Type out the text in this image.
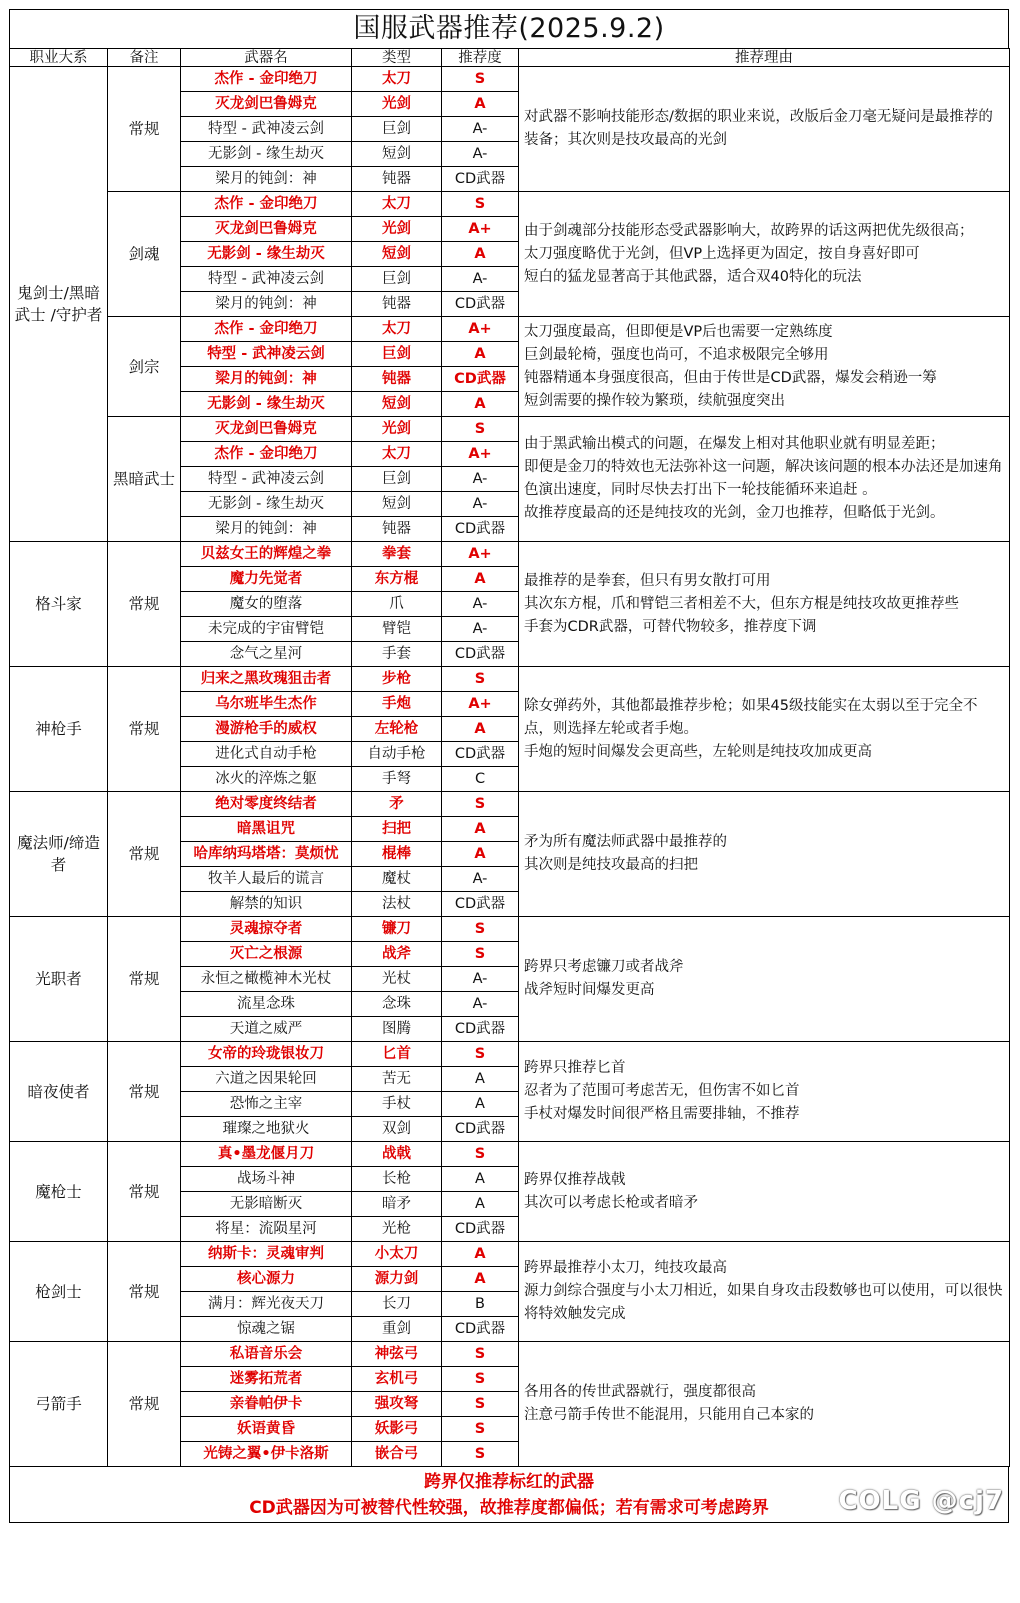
国服武器推荐(2025.9.2)
职业大系	备注	武器名	类型	推荐度	推荐理由
鬼剑士/黑暗武士 /守护者	常规	杰作 - 金印绝刀	太刀	S	对武器不影响技能形态/数据的职业来说，改版后金刀毫无疑问是最推荐的装备；其次则是技攻最高的光剑

		灭龙剑巴鲁姆克	光剑	A	
		特型 - 武神凌云剑	巨剑	A-	
		无影剑 - 缘生劫灭	短剑	A-	
		梁月的钝剑：神	钝器	CD武器	
	剑魂	杰作 - 金印绝刀	太刀	S	由于剑魂部分技能形态受武器影响大，故跨界的话这两把优先级很高；
太刀强度略优于光剑，但VP上选择更为固定，按自身喜好即可
短白的猛龙显著高于其他武器，适合双40特化的玩法

		灭龙剑巴鲁姆克	光剑	A+	
		无影剑 - 缘生劫灭	短剑	A	
		特型 - 武神凌云剑	巨剑	A-	
		梁月的钝剑：神	钝器	CD武器	
	剑宗	杰作 - 金印绝刀	太刀	A+	太刀强度最高，但即便是VP后也需要一定熟练度
巨剑最轮椅，强度也尚可，不追求极限完全够用
钝器精通本身强度很高，但由于传世是CD武器，爆发会稍逊一筹
短剑需要的操作较为繁琐，续航强度突出

		特型 - 武神凌云剑	巨剑	A	
		梁月的钝剑：神	钝器	CD武器	
		无影剑 - 缘生劫灭	短剑	A	
	黑暗武士	灭龙剑巴鲁姆克	光剑	S	由于黑武输出模式的问题，在爆发上相对其他职业就有明显差距；
即便是金刀的特效也无法弥补这一问题，解决该问题的根本办法还是加速角色演出速度，同时尽快去打出下一轮技能循环来追赶 。
故推荐度最高的还是纯技攻的光剑，金刀也推荐，但略低于光剑。

		杰作 - 金印绝刀	太刀	A+	
		特型 - 武神凌云剑	巨剑	A-	
		无影剑 - 缘生劫灭	短剑	A-	
		梁月的钝剑：神	钝器	CD武器	
格斗家	常规	贝兹女王的辉煌之拳	拳套	A+	最推荐的是拳套，但只有男女散打可用
其次东方棍，爪和臂铠三者相差不大，但东方棍是纯技攻故更推荐些
手套为CDR武器，可替代物较多，推荐度下调

		魔力先觉者	东方棍	A	
		魔女的堕落	爪	A-	
		未完成的宇宙臂铠	臂铠	A-	
		念气之星河	手套	CD武器	
神枪手	常规	归来之黑玫瑰狙击者	步枪	S	除女弹药外，其他都最推荐步枪；如果45级技能实在太弱以至于完全不点，则选择左轮或者手炮。
手炮的短时间爆发会更高些，左轮则是纯技攻加成更高

		乌尔班毕生杰作	手炮	A+	
		漫游枪手的威权	左轮枪	A	
		进化式自动手枪	自动手枪	CD武器	
		冰火的淬炼之躯	手弩	C	
魔法师/缔造者	常规	绝对零度终结者	矛	S	矛为所有魔法师武器中最推荐的
其次则是纯技攻最高的扫把

		暗黑诅咒	扫把	A	
		哈库纳玛塔塔：莫烦忧	棍棒	A	
		牧羊人最后的谎言	魔杖	A-	
		解禁的知识	法杖	CD武器	
光职者	常规	灵魂掠夺者	镰刀	S	跨界只考虑镰刀或者战斧
战斧短时间爆发更高

		灭亡之根源	战斧	S	
		永恒之橄榄神木光杖	光杖	A-	
		流星念珠	念珠	A-	
		天道之威严	图腾	CD武器	
暗夜使者	常规	女帝的玲珑银妆刀	匕首	S	跨界只推荐匕首
忍者为了范围可考虑苦无，但伤害不如匕首
手杖对爆发时间很严格且需要排轴，不推荐

		六道之因果轮回	苦无	A	
		恐怖之主宰	手杖	A	
		璀璨之地狱火	双剑	CD武器	
魔枪士	常规	真•墨龙偃月刀	战戟	S	跨界仅推荐战戟
其次可以考虑长枪或者暗矛

		战场斗神	长枪	A	
		无影暗断灭	暗矛	A	
		将星：流陨星河	光枪	CD武器	
枪剑士	常规	纳斯卡：灵魂审判	小太刀	A	跨界最推荐小太刀，纯技攻最高
源力剑综合强度与小太刀相近，如果自身攻击段数够也可以使用，可以很快将特效触发完成

		核心源力	源力剑	A	
		满月：辉光夜天刀	长刀	B	
		惊魂之锯	重剑	CD武器	
弓箭手	常规	私语音乐会	神弦弓	S	各用各的传世武器就行，强度都很高
注意弓箭手传世不能混用，只能用自己本家的

		迷雾拓荒者	玄机弓	S	
		亲眷帕伊卡	强攻弩	S	
		妖语黄昏	妖影弓	S	
		光铸之翼•伊卡洛斯	嵌合弓	S	
跨界仅推荐标红的武器
CD武器因为可被替代性较强，故推荐度都偏低；若有需求可考虑跨界	COLG @cj7
